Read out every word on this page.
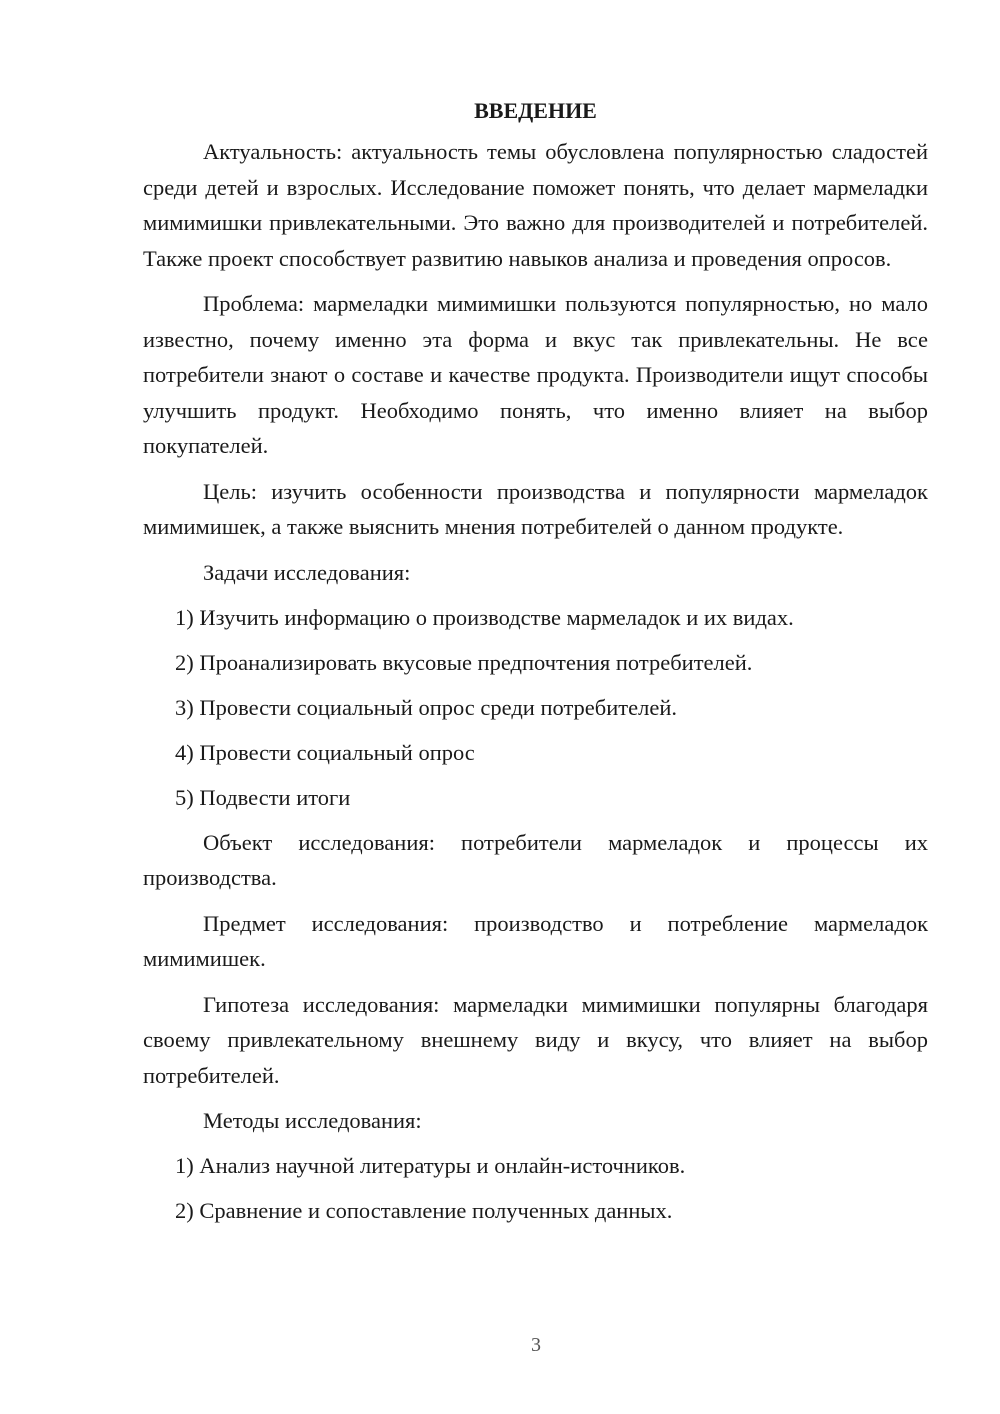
ВВЕДЕНИЕ

Актуальность: актуальность темы обусловлена популярностью сладостей среди детей и взрослых. Исследование поможет понять, что делает мармеладки мимимишки привлекательными. Это важно для производителей и потребителей. Также проект способствует развитию навыков анализа и проведения опросов.

Проблема: мармеладки мимимишки пользуются популярностью, но мало известно, почему именно эта форма и вкус так привлекательны. Не все потребители знают о составе и качестве продукта. Производители ищут способы улучшить продукт. Необходимо понять, что именно влияет на выбор покупателей.

Цель: изучить особенности производства и популярности мармеладок мимимишек, а также выяснить мнения потребителей о данном продукте.

Задачи исследования:
1) Изучить информацию о производстве мармеладок и их видах.
2) Проанализировать вкусовые предпочтения потребителей.
3) Провести социальный опрос среди потребителей.
4) Провести социальный опрос
5) Подвести итоги

Объект исследования: потребители мармеладок и процессы их производства.

Предмет исследования: производство и потребление мармеладок мимимишек.

Гипотеза исследования: мармеладки мимимишки популярны благодаря своему привлекательному внешнему виду и вкусу, что влияет на выбор потребителей.

Методы исследования:
1) Анализ научной литературы и онлайн-источников.
2) Сравнение и сопоставление полученных данных.
3
